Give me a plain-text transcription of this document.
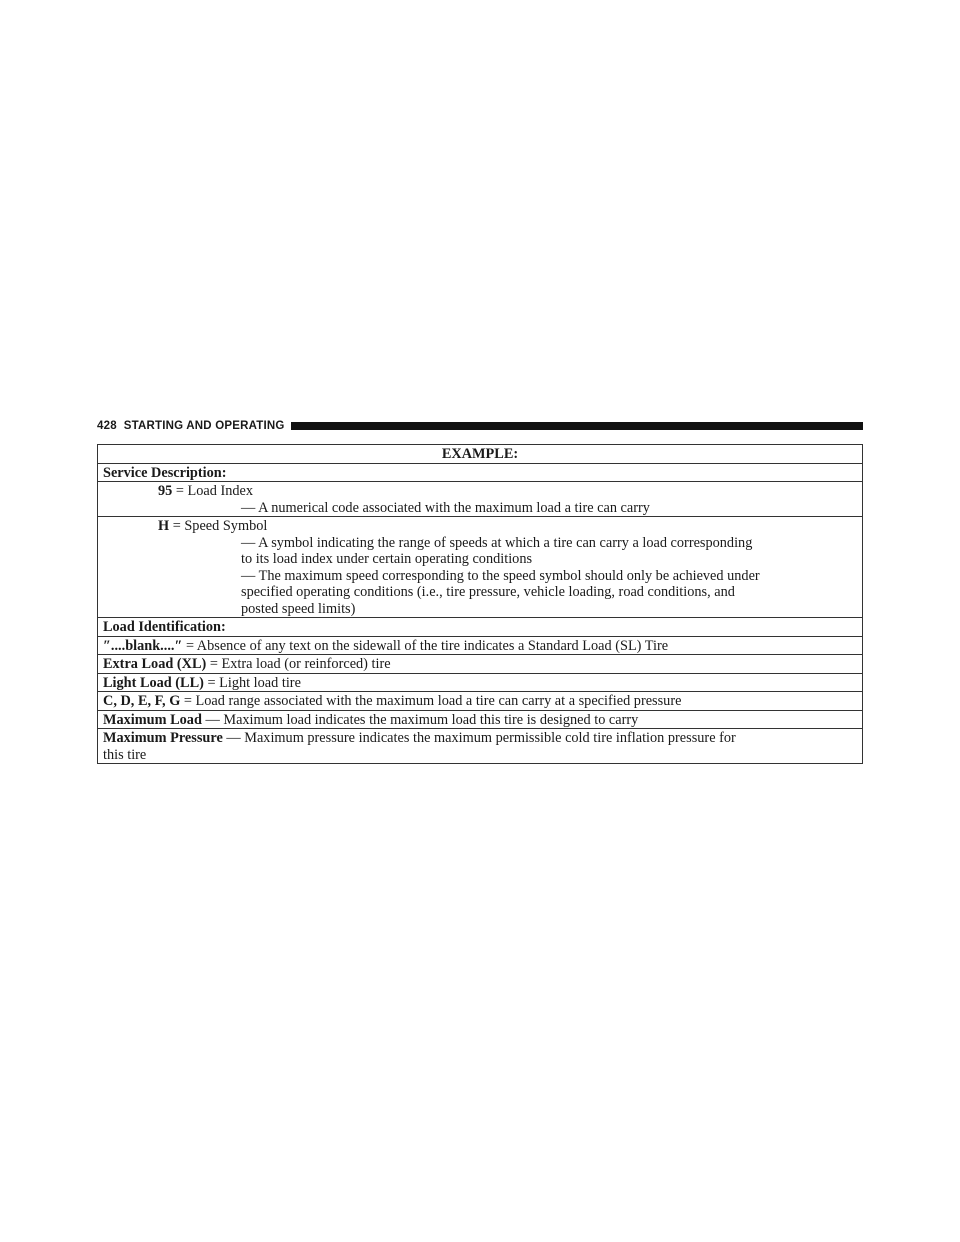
428 STARTING AND OPERATING
EXAMPLE:
Service Description:
95 = Load Index
— A numerical code associated with the maximum load a tire can carry

H = Speed Symbol
— A symbol indicating the range of speeds at which a tire can carry a load corresponding
to its load index under certain operating conditions
— The maximum speed corresponding to the speed symbol should only be achieved under
specified operating conditions (i.e., tire pressure, vehicle loading, road conditions, and
posted speed limits)

Load Identification:
″....blank....″ = Absence of any text on the sidewall of the tire indicates a Standard Load (SL) Tire
Extra Load (XL) = Extra load (or reinforced) tire
Light Load (LL) = Light load tire
C, D, E, F, G = Load range associated with the maximum load a tire can carry at a specified pressure
Maximum Load — Maximum load indicates the maximum load this tire is designed to carry
Maximum Pressure — Maximum pressure indicates the maximum permissible cold tire inflation pressure for
this tire
